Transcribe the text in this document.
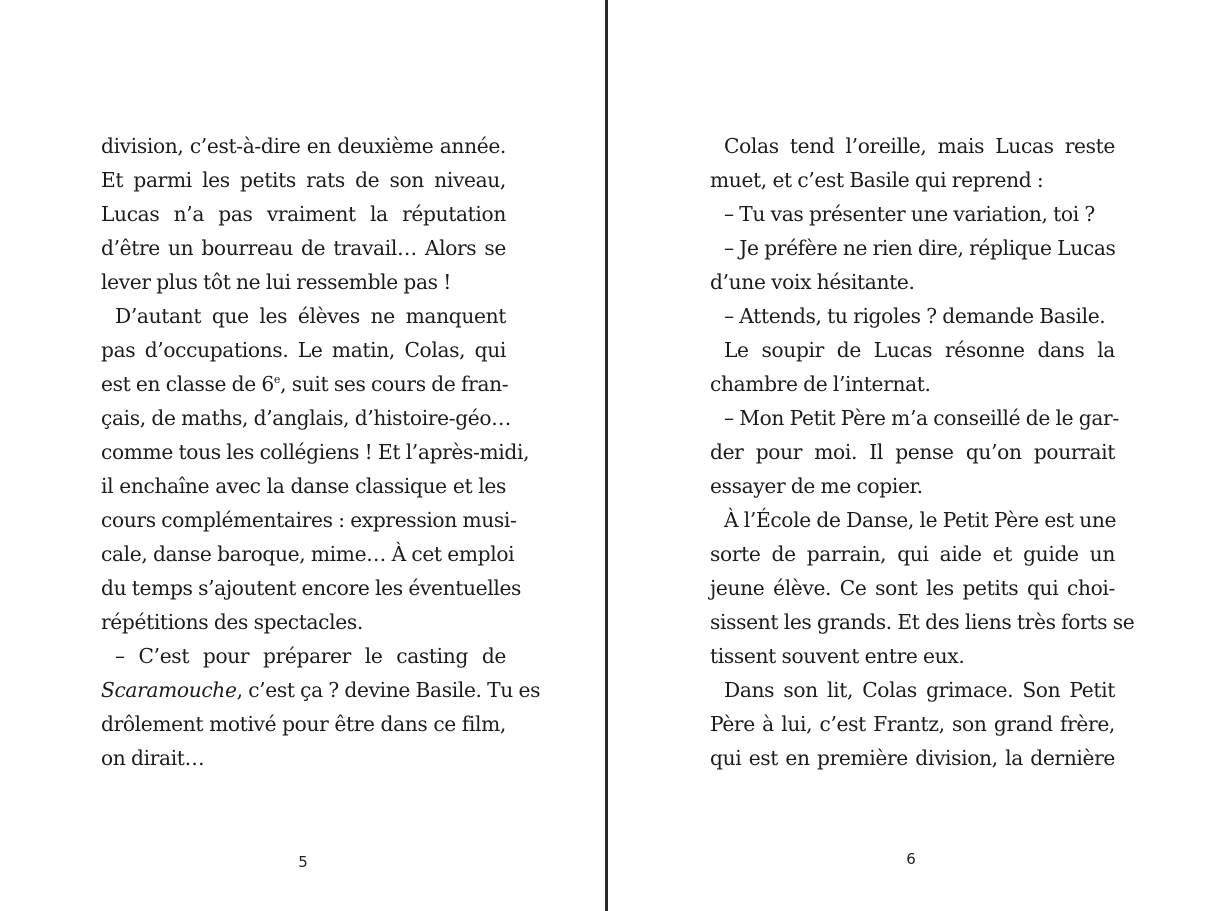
division, c’est-à-dire en deuxième année.
Et parmi les petits rats de son niveau,
Lucas n’a pas vraiment la réputation
d’être un bourreau de travail… Alors se
lever plus tôt ne lui ressemble pas !
D’autant que les élèves ne manquent
pas d’occupations. Le matin, Colas, qui
est en classe de 6e, suit ses cours de fran-
çais, de maths, d’anglais, d’histoire-géo…
comme tous les collégiens ! Et l’après-midi,
il enchaîne avec la danse classique et les
cours complémentaires : expression musi-
cale, danse baroque, mime… À cet emploi
du temps s’ajoutent encore les éventuelles
répétitions des spectacles.
– C’est pour préparer le casting de
Scaramouche, c’est ça ? devine Basile. Tu es
drôlement motivé pour être dans ce film,
on dirait…
5
Colas tend l’oreille, mais Lucas reste
muet, et c’est Basile qui reprend :
– Tu vas présenter une variation, toi ?
– Je préfère ne rien dire, réplique Lucas
d’une voix hésitante.
– Attends, tu rigoles ? demande Basile.
Le soupir de Lucas résonne dans la
chambre de l’internat.
– Mon Petit Père m’a conseillé de le gar-
der pour moi. Il pense qu’on pourrait
essayer de me copier.
À l’École de Danse, le Petit Père est une
sorte de parrain, qui aide et guide un
jeune élève. Ce sont les petits qui choi-
sissent les grands. Et des liens très forts se
tissent souvent entre eux.
Dans son lit, Colas grimace. Son Petit
Père à lui, c’est Frantz, son grand frère,
qui est en première division, la dernière
6
